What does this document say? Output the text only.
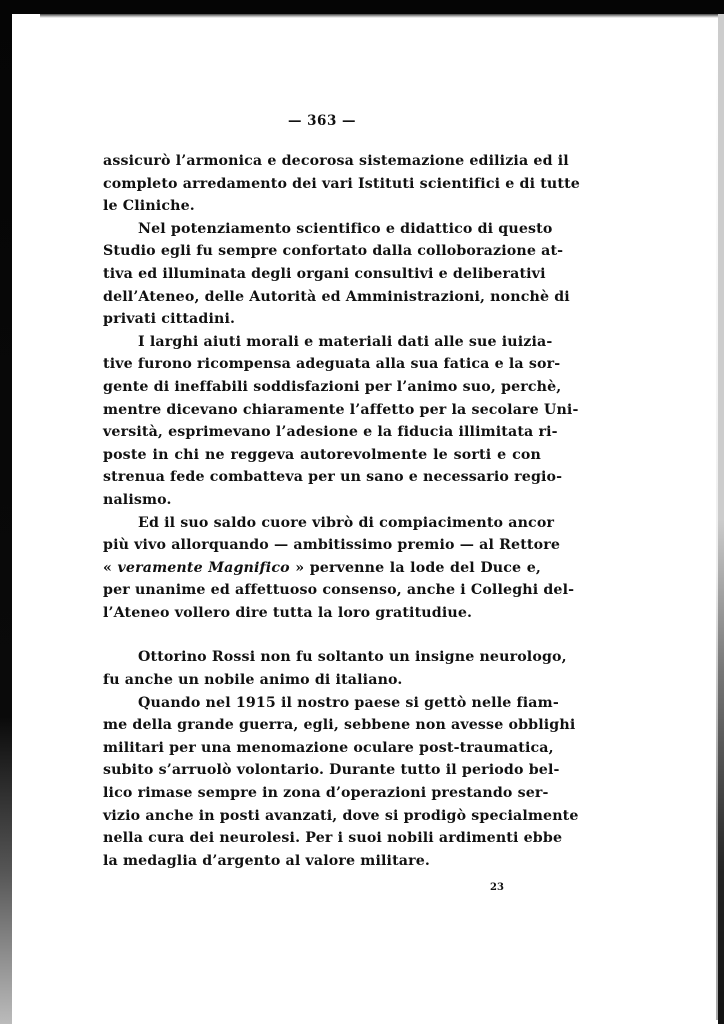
— 363 —

assicurò l’armonica e decorosa sistemazione edilizia ed il
completo arredamento dei vari Istituti scientifici e di tutte
le Cliniche.

Nel potenziamento scientifico e didattico di questo
Studio egli fu sempre confortato dalla colloborazione at-
tiva ed illuminata degli organi consultivi e deliberativi
dell’Ateneo, delle Autorità ed Amministrazioni, nonchè di
privati cittadini.

I larghi aiuti morali e materiali dati alle sue iuizia-
tive furono ricompensa adeguata alla sua fatica e la sor-
gente di ineffabili soddisfazioni per l’animo suo, perchè,
mentre dicevano chiaramente l’affetto per la secolare Uni-
versità, esprimevano l’adesione e la fiducia illimitata ri-
poste in chi ne reggeva autorevolmente le sorti e con
strenua fede combatteva per un sano e necessario regio-
nalismo.

Ed il suo saldo cuore vibrò di compiacimento ancor
più vivo allorquando — ambitissimo premio — al Rettore
« veramente Magnifico » pervenne la lode del Duce e,
per unanime ed affettuoso consenso, anche i Colleghi del-
l’Ateneo vollero dire tutta la loro gratitudiue.

Ottorino Rossi non fu soltanto un insigne neurologo,
fu anche un nobile animo di italiano.

Quando nel 1915 il nostro paese si gettò nelle fiam-
me della grande guerra, egli, sebbene non avesse obblighi
militari per una menomazione oculare post-traumatica,
subito s’arruolò volontario. Durante tutto il periodo bel-
lico rimase sempre in zona d’operazioni prestando ser-
vizio anche in posti avanzati, dove si prodigò specialmente
nella cura dei neurolesi. Per i suoi nobili ardimenti ebbe
la medaglia d’argento al valore militare.

23
